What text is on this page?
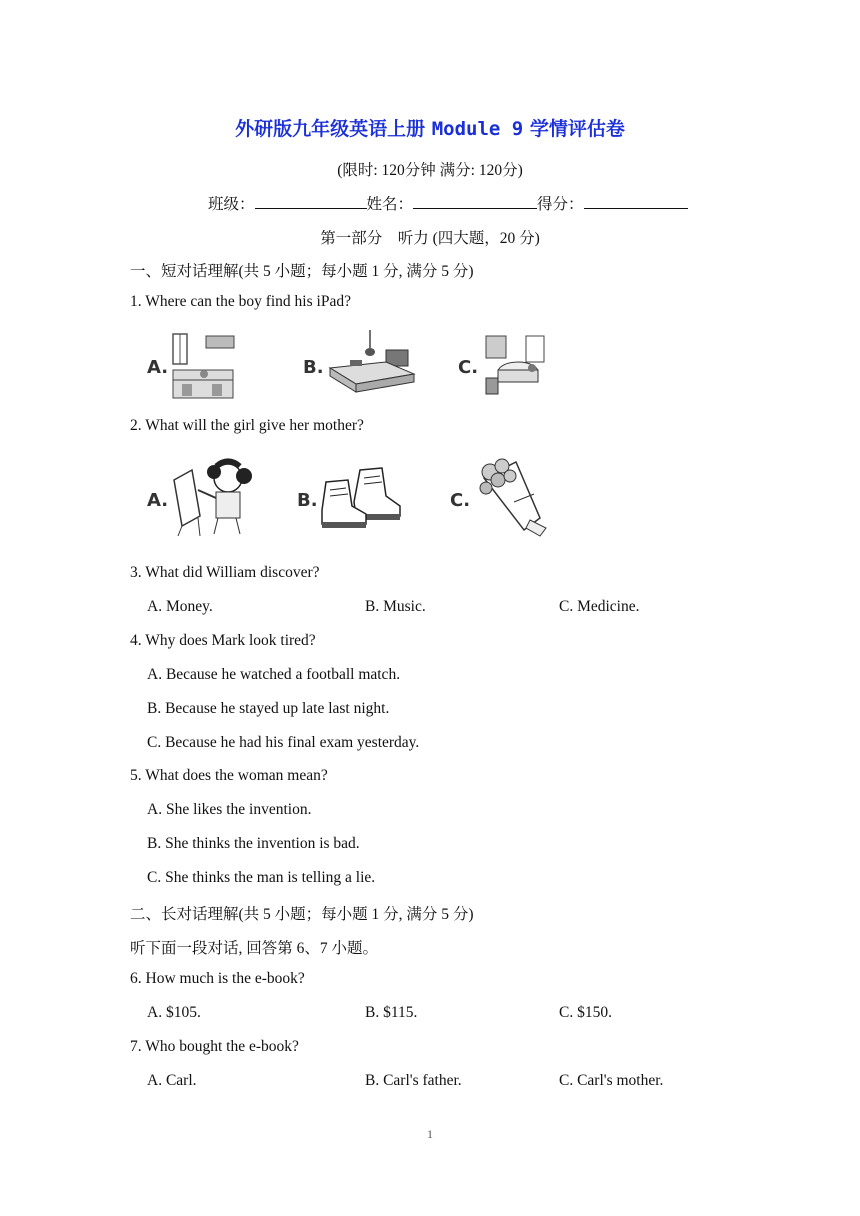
外研版九年级英语上册 Module 9 学情评估卷
(限时: 120分钟 满分: 120分)
班级：	姓名：	得分：
第一部分　听力 (四大题，20 分)
一、短对话理解(共 5 小题；每小题 1 分, 满分 5 分)
1. Where can the boy find his iPad?
A.	B.	C.
2. What will the girl give her mother?
A.	B.	C.
3. What did William discover?
A. Money.	B. Music.	C. Medicine.
4. Why does Mark look tired?
A. Because he watched a football match.
B. Because he stayed up late last night.
C. Because he had his final exam yesterday.
5. What does the woman mean?
A. She likes the invention.
B. She thinks the invention is bad.
C. She thinks the man is telling a lie.
二、长对话理解(共 5 小题；每小题 1 分, 满分 5 分)
听下面一段对话, 回答第 6、7 小题。
6. How much is the e-book?
A. $105.	B. $115.	C. $150.
7. Who bought the e-book?
A. Carl.	B. Carl's father.	C. Carl's mother.
1
